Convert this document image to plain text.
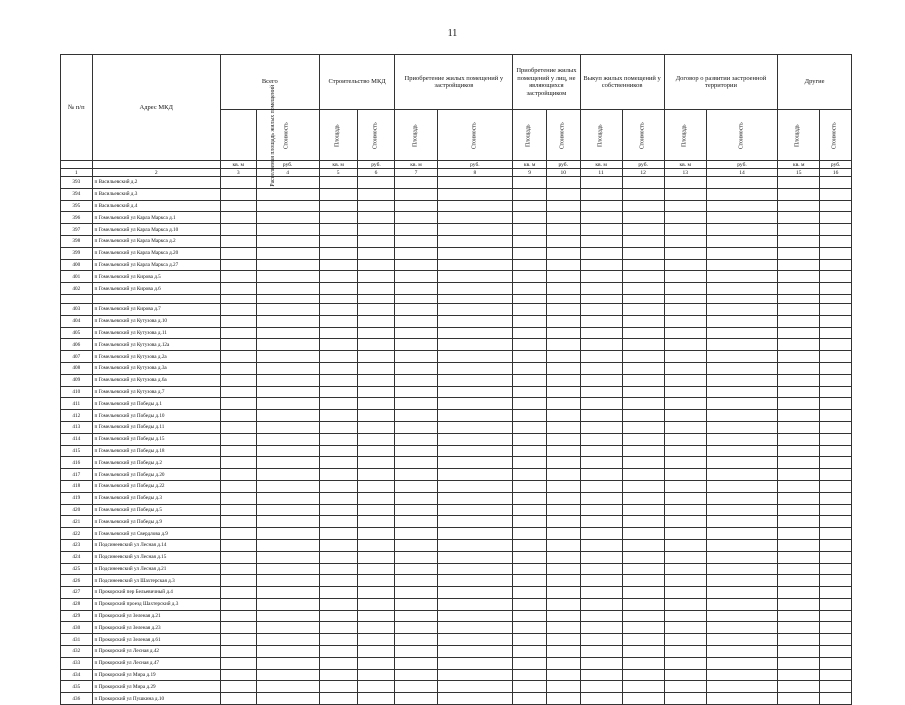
11
№ п/п	Адрес МКД	Всего		Строительство МКД		Приобретение жилых помещений у застройщиков		Приобретение жилых помещений у лиц, не являющихся застройщиком		Выкуп жилых помещений у собственников		Договор о развитии застроенной территории		Другие	
		Расселяемая площадь жилых помещений	Стоимость	Площадь	Стоимость	Площадь	Стоимость	Площадь	Стоимость	Площадь	Стоимость	Площадь	Стоимость	Площадь	Стоимость
		кв. м	руб.	кв. м	руб.	кв. м	руб.	кв. м	руб.	кв. м	руб.	кв. м	руб.	кв. м	руб.
1	2	3	4	5	6	7	8	9	10	11	12	13	14	15	16
393	п Васильевский д.2														
394	п Васильевский д.3														
395	п Васильевский д.4														
396	п Гомельевский ул Карла Маркса д.1														
397	п Гомельевский ул Карла Маркса д.10														
398	п Гомельевский ул Карла Маркса д.2														
399	п Гомельевский ул Карла Маркса д.20														
400	п Гомельевский ул Карла Маркса д.27														
401	п Гомельевский ул Кирова д.5														
402	п Гомельевский ул Кирова д.6														

403	п Гомельевский ул Кирова д.7														
404	п Гомельевский ул Кутузова д.10														
405	п Гомельевский ул Кутузова д.11														
406	п Гомельевский ул Кутузова д.12а														
407	п Гомельевский ул Кутузова д.2а														
408	п Гомельевский ул Кутузова д.3а														
409	п Гомельевский ул Кутузова д.6а														
410	п Гомельевский ул Кутузова д.7														
411	п Гомельевский ул Победы д.1														
412	п Гомельевский ул Победы д.10														
413	п Гомельевский ул Победы д.11														
414	п Гомельевский ул Победы д.15														
415	п Гомельевский ул Победы д.18														
416	п Гомельевский ул Победы д.2														
417	п Гомельевский ул Победы д.20														
418	п Гомельевский ул Победы д.22														
419	п Гомельевский ул Победы д.3														
420	п Гомельевский ул Победы д.5														
421	п Гомельевский ул Победы д.9														
422	п Гомельевский ул Свердлова д.9														
423	п Подсинеевский ул Лесная д.14														
424	п Подсинеевский ул Лесная д.15														
425	п Подсинеевский ул Лесная д.21														
426	п Подсинеевский ул Шахтерская д.3														
427	п Прокорский пер Бельевичный д.4														
428	п Прокорский проезд Шахтерский д.3														
429	п Прокорский ул Зеленая д.21														
430	п Прокорский ул Зеленая д.23														
431	п Прокорский ул Зеленая д.61														
432	п Прокорский ул Лесная д.42														
433	п Прокорский ул Лесная д.47														
434	п Прокорский ул Мира д.19														
435	п Прокорский ул Мира д.29														
436	п Прокорский ул Пушкина д.10														
